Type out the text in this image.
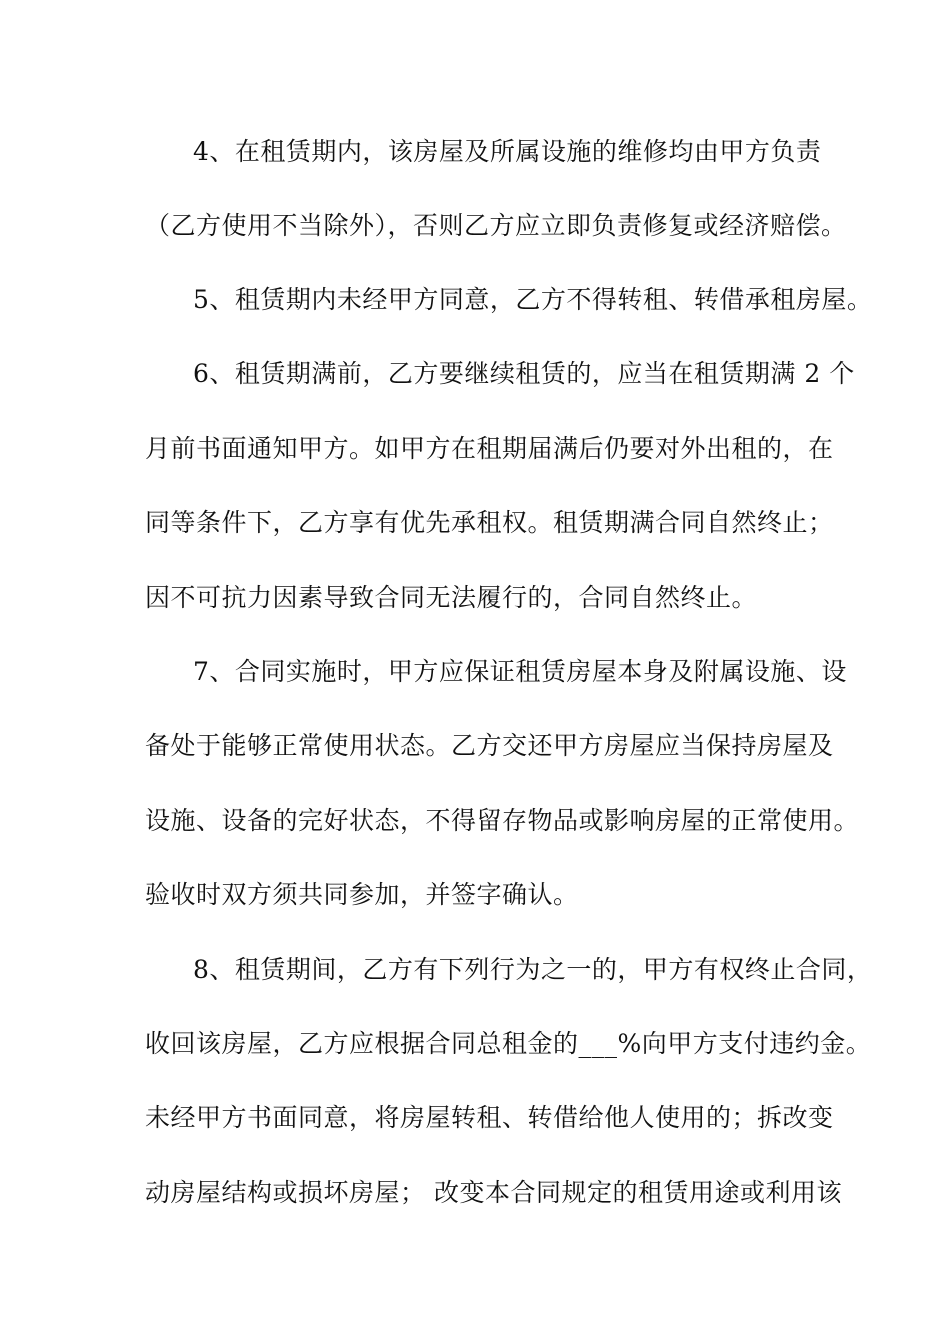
4、在租赁期内，该房屋及所属设施的维修均由甲方负责
（乙方使用不当除外），否则乙方应立即负责修复或经济赔偿。
5、租赁期内未经甲方同意，乙方不得转租、转借承租房屋。
6、租赁期满前，乙方要继续租赁的，应当在租赁期满 2 个
月前书面通知甲方。如甲方在租期届满后仍要对外出租的，在
同等条件下，乙方享有优先承租权。租赁期满合同自然终止；
因不可抗力因素导致合同无法履行的，合同自然终止。
7、合同实施时，甲方应保证租赁房屋本身及附属设施、设
备处于能够正常使用状态。乙方交还甲方房屋应当保持房屋及
设施、设备的完好状态，不得留存物品或影响房屋的正常使用。
验收时双方须共同参加，并签字确认。
8、租赁期间，乙方有下列行为之一的，甲方有权终止合同，
收回该房屋，乙方应根据合同总租金的___%向甲方支付违约金。
未经甲方书面同意，将房屋转租、转借给他人使用的；拆改变
动房屋结构或损坏房屋； 改变本合同规定的租赁用途或利用该
